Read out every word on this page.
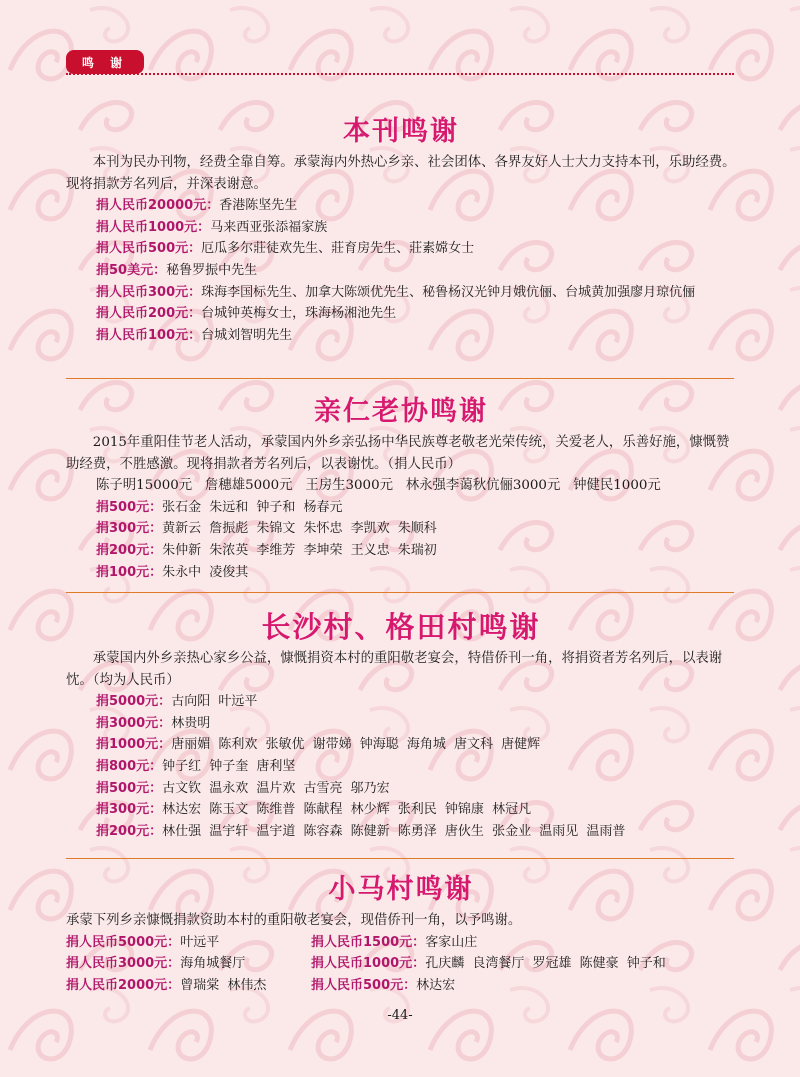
鸣 谢
本刊鸣谢

本刊为民办刊物，经费全靠自筹。承蒙海内外热心乡亲、社会团体、各界友好人士大力支持本刊，乐助经费。现将捐款芳名列后，并深表谢意。

捐人民币20000元：香港陈坚先生
捐人民币1000元：马来西亚张添福家族
捐人民币500元：厄瓜多尔莊徒欢先生、莊育房先生、莊素嫦女士
捐50美元：秘鲁罗振中先生
捐人民币300元：珠海李国标先生、加拿大陈颂优先生、秘鲁杨汉光钟月娥伉俪、台城黄加强廖月琼伉俪
捐人民币200元：台城钟英梅女士，珠海杨湘池先生
捐人民币100元：台城刘智明先生
亲仁老协鸣谢

2015年重阳佳节老人活动，承蒙国内外乡亲弘扬中华民族尊老敬老光荣传统，关爱老人，乐善好施，慷慨赞助经费，不胜感激。现将捐款者芳名列后，以表谢忱。（捐人民币）

陈子明15000元   詹穗雄5000元   王房生3000元   林永强李蔼秋伉俪3000元   钟健民1000元
捐500元：张石金 朱远和 钟子和 杨春元
捐300元：黄新云 詹振彪 朱锦文 朱怀忠 李凯欢 朱顺科
捐200元：朱仲新 朱浓英 李维芳 李坤荣 王义忠 朱瑞初
捐100元：朱永中 凌俊其
长沙村、格田村鸣谢

承蒙国内外乡亲热心家乡公益，慷慨捐资本村的重阳敬老宴会，特借侨刊一角，将捐资者芳名列后，以表谢忱。（均为人民币）

捐5000元：古向阳 叶远平
捐3000元：林贵明
捐1000元：唐丽媚 陈利欢 张敏优 谢带娣 钟海聪 海角城 唐文科 唐健辉
捐800元：钟子红 钟子奎 唐利坚
捐500元：古文钦 温永欢 温片欢 古雪亮 邬乃宏
捐300元：林达宏 陈玉文 陈维普 陈献程 林少辉 张利民 钟锦康 林冠凡
捐200元：林仕强 温宇轩 温宇道 陈容森 陈健新 陈勇泽 唐伙生 张金业 温雨见 温雨普
小马村鸣谢

承蒙下列乡亲慷慨捐款资助本村的重阳敬老宴会，现借侨刊一角，以予鸣谢。

捐人民币5000元：叶远平
捐人民币3000元：海角城餐厅
捐人民币2000元：曾瑞棠 林伟杰
捐人民币1500元：客家山庄
捐人民币1000元：孔庆麟 良湾餐厅 罗冠雄 陈健豪 钟子和
捐人民币500元：林达宏
-44-
